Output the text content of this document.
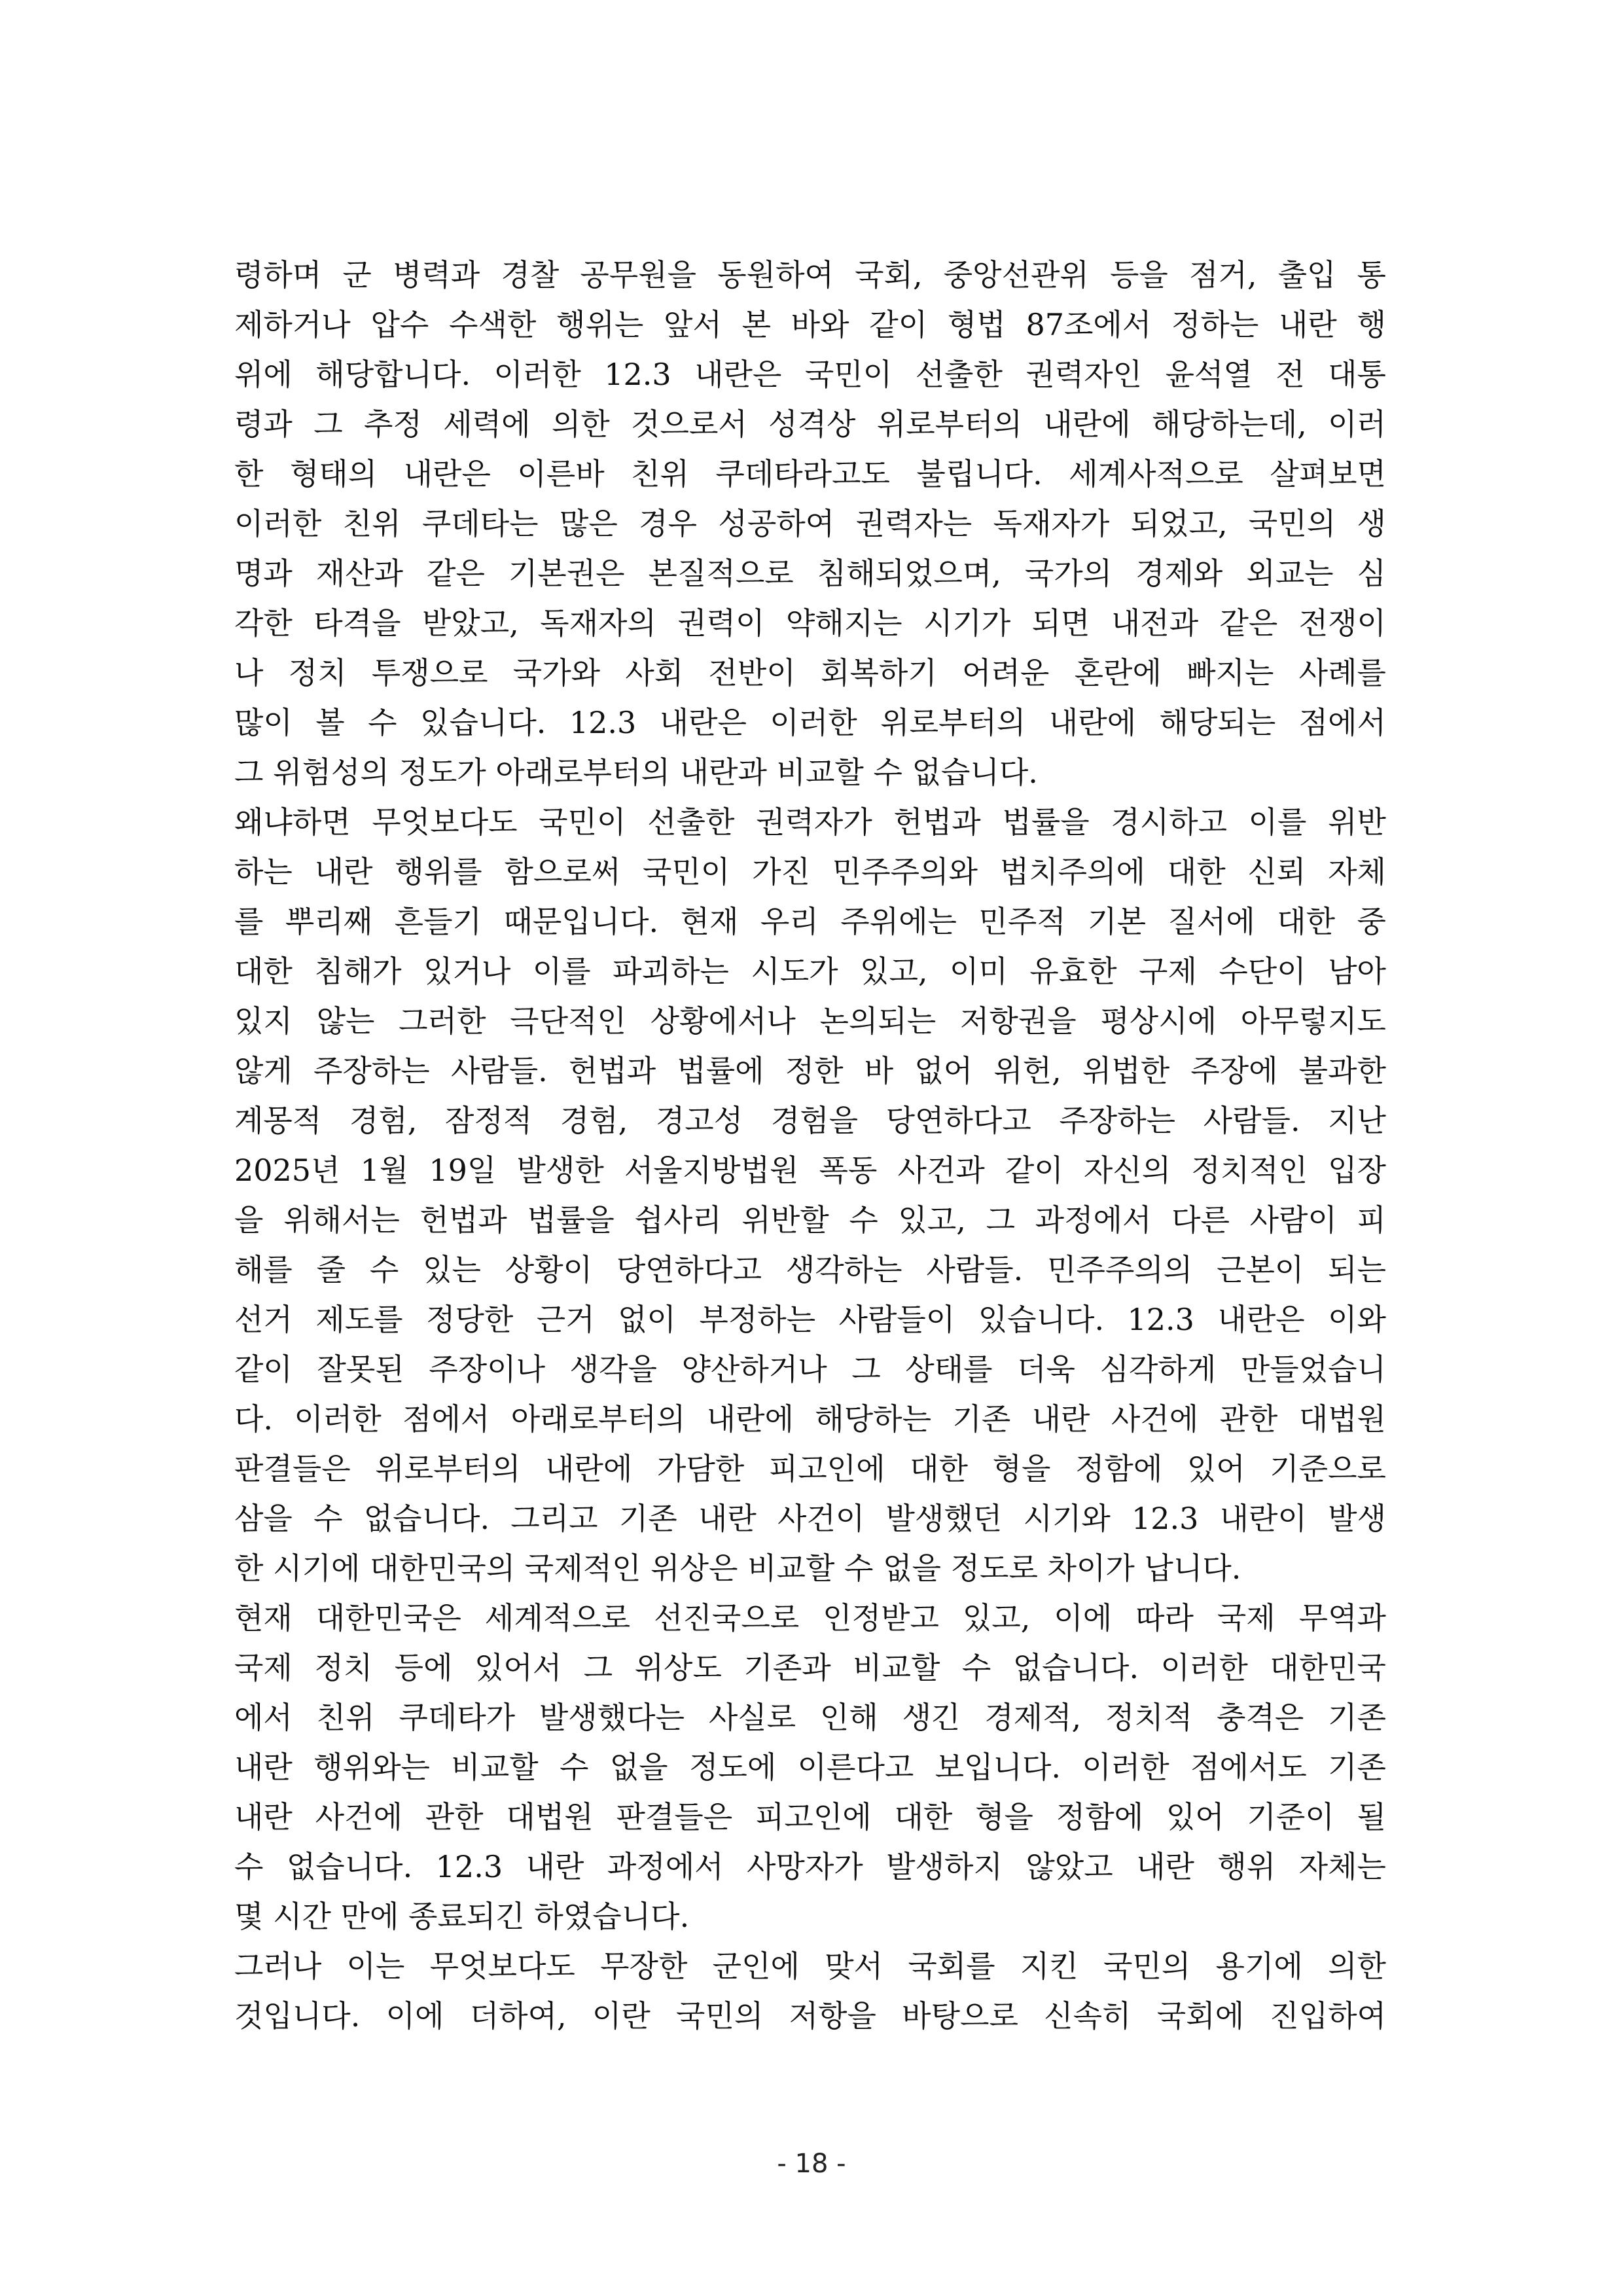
령하며 군 병력과 경찰 공무원을 동원하여 국회, 중앙선관위 등을 점거, 출입 통
제하거나 압수 수색한 행위는 앞서 본 바와 같이 형법 87조에서 정하는 내란 행
위에 해당합니다. 이러한 12.3 내란은 국민이 선출한 권력자인 윤석열 전 대통
령과 그 추정 세력에 의한 것으로서 성격상 위로부터의 내란에 해당하는데, 이러
한 형태의 내란은 이른바 친위 쿠데타라고도 불립니다. 세계사적으로 살펴보면
이러한 친위 쿠데타는 많은 경우 성공하여 권력자는 독재자가 되었고, 국민의 생
명과 재산과 같은 기본권은 본질적으로 침해되었으며, 국가의 경제와 외교는 심
각한 타격을 받았고, 독재자의 권력이 약해지는 시기가 되면 내전과 같은 전쟁이
나 정치 투쟁으로 국가와 사회 전반이 회복하기 어려운 혼란에 빠지는 사례를
많이 볼 수 있습니다. 12.3 내란은 이러한 위로부터의 내란에 해당되는 점에서
그 위험성의 정도가 아래로부터의 내란과 비교할 수 없습니다.
왜냐하면 무엇보다도 국민이 선출한 권력자가 헌법과 법률을 경시하고 이를 위반
하는 내란 행위를 함으로써 국민이 가진 민주주의와 법치주의에 대한 신뢰 자체
를 뿌리째 흔들기 때문입니다. 현재 우리 주위에는 민주적 기본 질서에 대한 중
대한 침해가 있거나 이를 파괴하는 시도가 있고, 이미 유효한 구제 수단이 남아
있지 않는 그러한 극단적인 상황에서나 논의되는 저항권을 평상시에 아무렇지도
않게 주장하는 사람들. 헌법과 법률에 정한 바 없어 위헌, 위법한 주장에 불과한
계몽적 경험, 잠정적 경험, 경고성 경험을 당연하다고 주장하는 사람들. 지난
2025년 1월 19일 발생한 서울지방법원 폭동 사건과 같이 자신의 정치적인 입장
을 위해서는 헌법과 법률을 쉽사리 위반할 수 있고, 그 과정에서 다른 사람이 피
해를 줄 수 있는 상황이 당연하다고 생각하는 사람들. 민주주의의 근본이 되는
선거 제도를 정당한 근거 없이 부정하는 사람들이 있습니다. 12.3 내란은 이와
같이 잘못된 주장이나 생각을 양산하거나 그 상태를 더욱 심각하게 만들었습니
다. 이러한 점에서 아래로부터의 내란에 해당하는 기존 내란 사건에 관한 대법원
판결들은 위로부터의 내란에 가담한 피고인에 대한 형을 정함에 있어 기준으로
삼을 수 없습니다. 그리고 기존 내란 사건이 발생했던 시기와 12.3 내란이 발생
한 시기에 대한민국의 국제적인 위상은 비교할 수 없을 정도로 차이가 납니다.
현재 대한민국은 세계적으로 선진국으로 인정받고 있고, 이에 따라 국제 무역과
국제 정치 등에 있어서 그 위상도 기존과 비교할 수 없습니다. 이러한 대한민국
에서 친위 쿠데타가 발생했다는 사실로 인해 생긴 경제적, 정치적 충격은 기존
내란 행위와는 비교할 수 없을 정도에 이른다고 보입니다. 이러한 점에서도 기존
내란 사건에 관한 대법원 판결들은 피고인에 대한 형을 정함에 있어 기준이 될
수 없습니다. 12.3 내란 과정에서 사망자가 발생하지 않았고 내란 행위 자체는
몇 시간 만에 종료되긴 하였습니다.
그러나 이는 무엇보다도 무장한 군인에 맞서 국회를 지킨 국민의 용기에 의한
것입니다. 이에 더하여, 이란 국민의 저항을 바탕으로 신속히 국회에 진입하여
- 18 -
